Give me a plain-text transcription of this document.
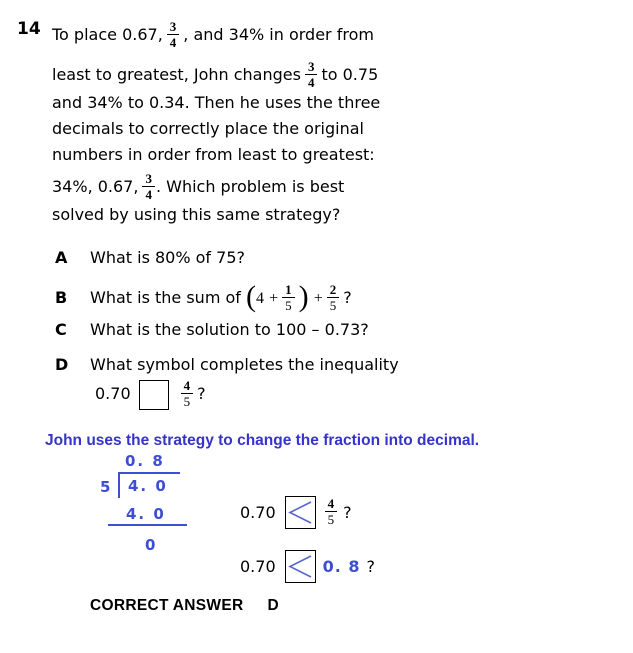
14 To place 0.67, $\frac{3}{4}$ , and 34% in order from
least to greatest, John changes $\frac{3}{4}$ to 0.75
and 34% to 0.34. Then he uses the three
decimals to correctly place the original
numbers in order from least to greatest:
34%, 0.67, $\frac{3}{4}$ . Which problem is best
solved by using this same strategy?
A What is 80% of 75?
B What is the sum of ($4 + \frac{1}{5}$ ) + $\frac{2}{5}$ ?
C What is the solution to 100 – 0.73?
D What symbol completes the inequality
0.70	$\frac{4}{5}$ ?
John uses the strategy to change the fraction into decimal.
0. 8
5	4. 0
4. 0
0
0.70	$\frac{4}{5}$ ?
0.70	0. 8 ?
CORRECT ANSWER D
